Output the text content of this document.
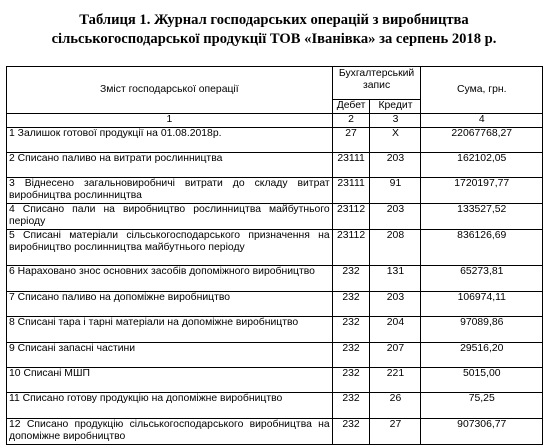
Таблиця 1. Журнал господарських операцій з виробництва
сільськогосподарської продукції ТОВ «Іванівка» за серпень 2018 р.
Зміст господарської операції	Бухгалтерський запис		Сума, грн.
	Дебет	Кредит	
1	2	3	4
1 Залишок готової продукції на 01.08.2018р.	27	X	22067768,27
2 Списано паливо на витрати рослинництва	23111	203	162102,05
3 Віднесено загальновиробничі витрати до складу витрат виробництва рослинництва	23111	91	1720197,77
4 Списано пали на виробництво рослинництва майбутнього періоду	23112	203	133527,52
5 Списані матеріали сільськогосподарського призначення на виробництво рослинництва майбутнього періоду	23112	208	836126,69
6 Нараховано знос основних засобів допоміжного виробництво	232	131	65273,81
7 Списано паливо на допоміжне виробництво	232	203	106974,11
8 Списані тара і тарні матеріали на допоміжне виробництво	232	204	97089,86
9 Списані запасні частини	232	207	29516,20
10 Списані МШП	232	221	5015,00
11 Списано готову продукцію на допоміжне виробництво	232	26	75,25
12 Списано продукцію сільськогосподарського виробництва на допоміжне виробництво	232	27	907306,77
